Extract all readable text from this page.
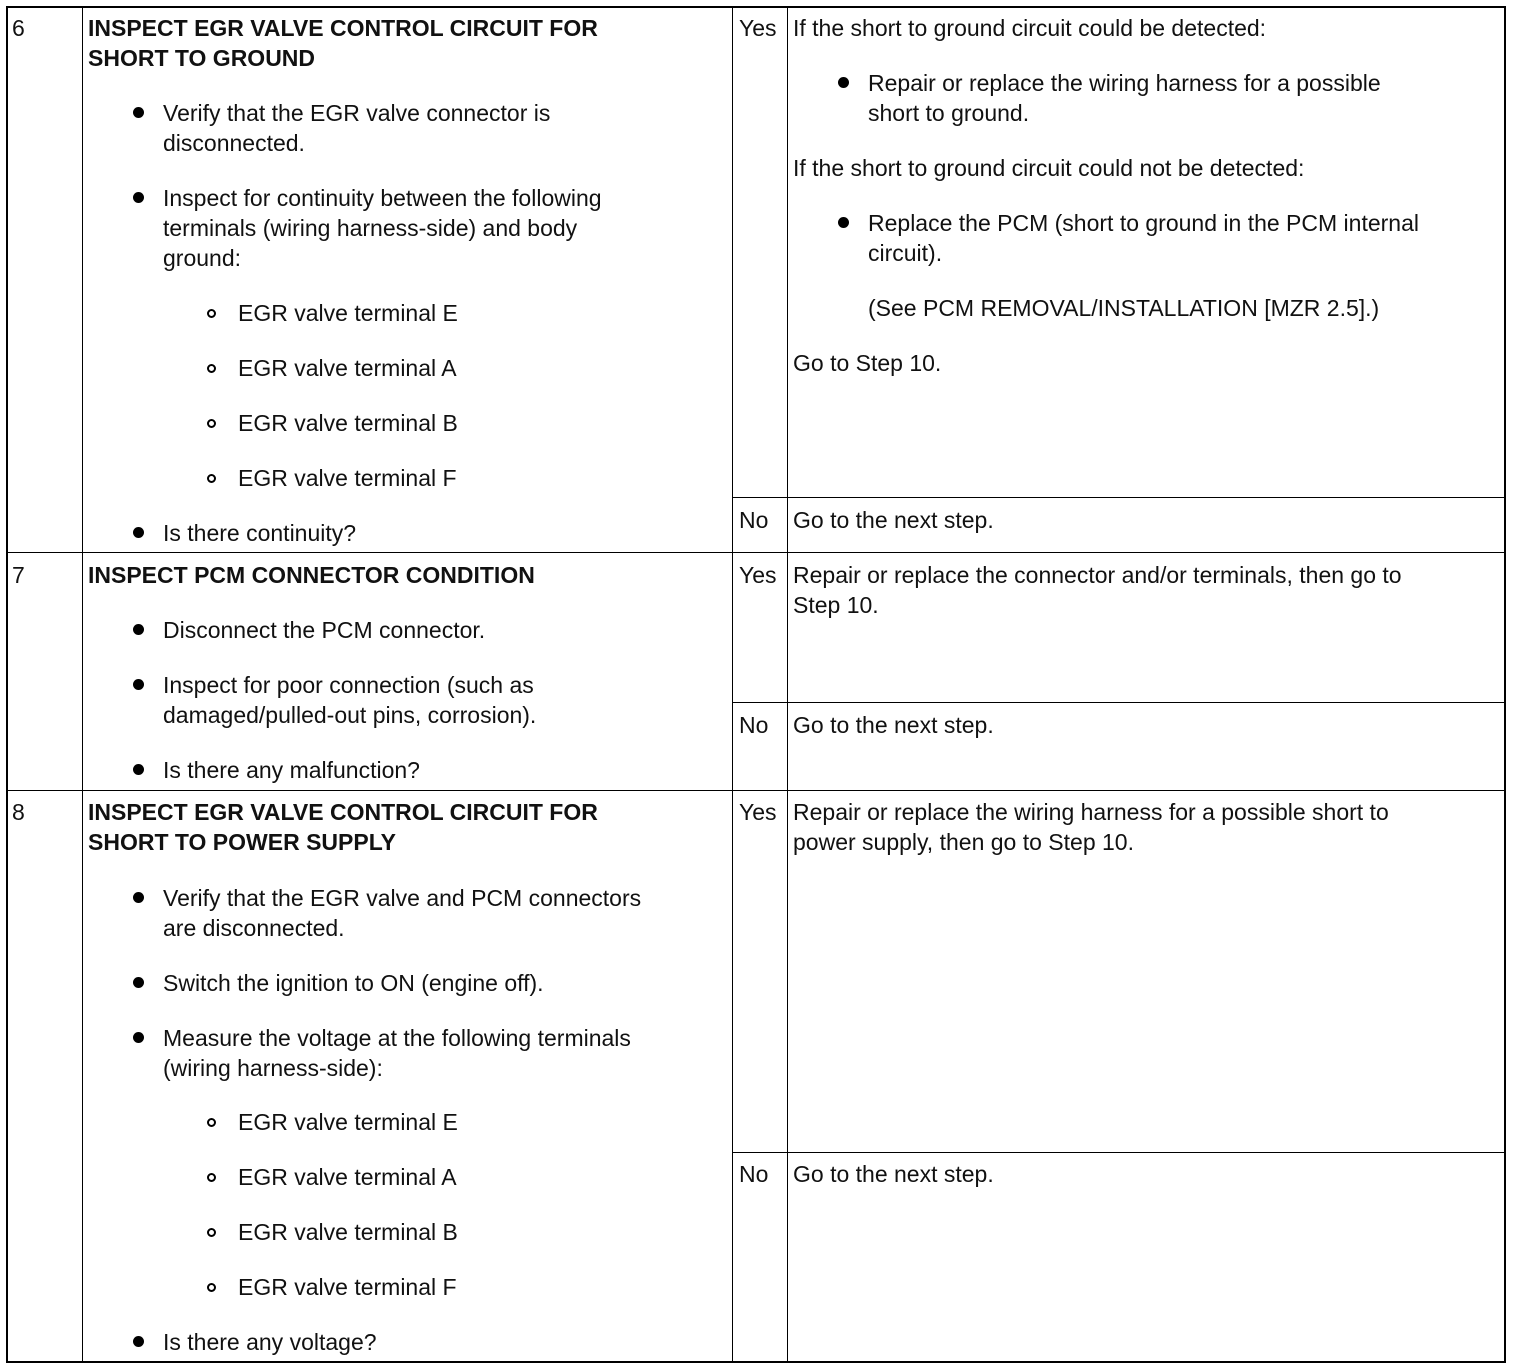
6	INSPECT EGR VALVE CONTROL CIRCUIT FOR
SHORT TO GROUND
Verify that the EGR valve connector is
disconnected.
Inspect for continuity between the following
terminals (wiring harness-side) and body
ground:
EGR valve terminal E
EGR valve terminal A
EGR valve terminal B
EGR valve terminal F
Is there continuity?
Yes If the short to ground circuit could be detected:
Repair or replace the wiring harness for a possible
short to ground.
If the short to ground circuit could not be detected:
Replace the PCM (short to ground in the PCM internal
circuit).
(See PCM REMOVAL/INSTALLATION [MZR 2.5].)
Go to Step 10.
No Go to the next step.
7	INSPECT PCM CONNECTOR CONDITION
Disconnect the PCM connector.
Inspect for poor connection (such as
damaged/pulled-out pins, corrosion).
Is there any malfunction?
Yes Repair or replace the connector and/or terminals, then go to
Step 10.
No Go to the next step.
8	INSPECT EGR VALVE CONTROL CIRCUIT FOR
SHORT TO POWER SUPPLY
Verify that the EGR valve and PCM connectors
are disconnected.
Switch the ignition to ON (engine off).
Measure the voltage at the following terminals
(wiring harness-side):
EGR valve terminal E
EGR valve terminal A
EGR valve terminal B
EGR valve terminal F
Is there any voltage?
Yes Repair or replace the wiring harness for a possible short to
power supply, then go to Step 10.
No Go to the next step.
